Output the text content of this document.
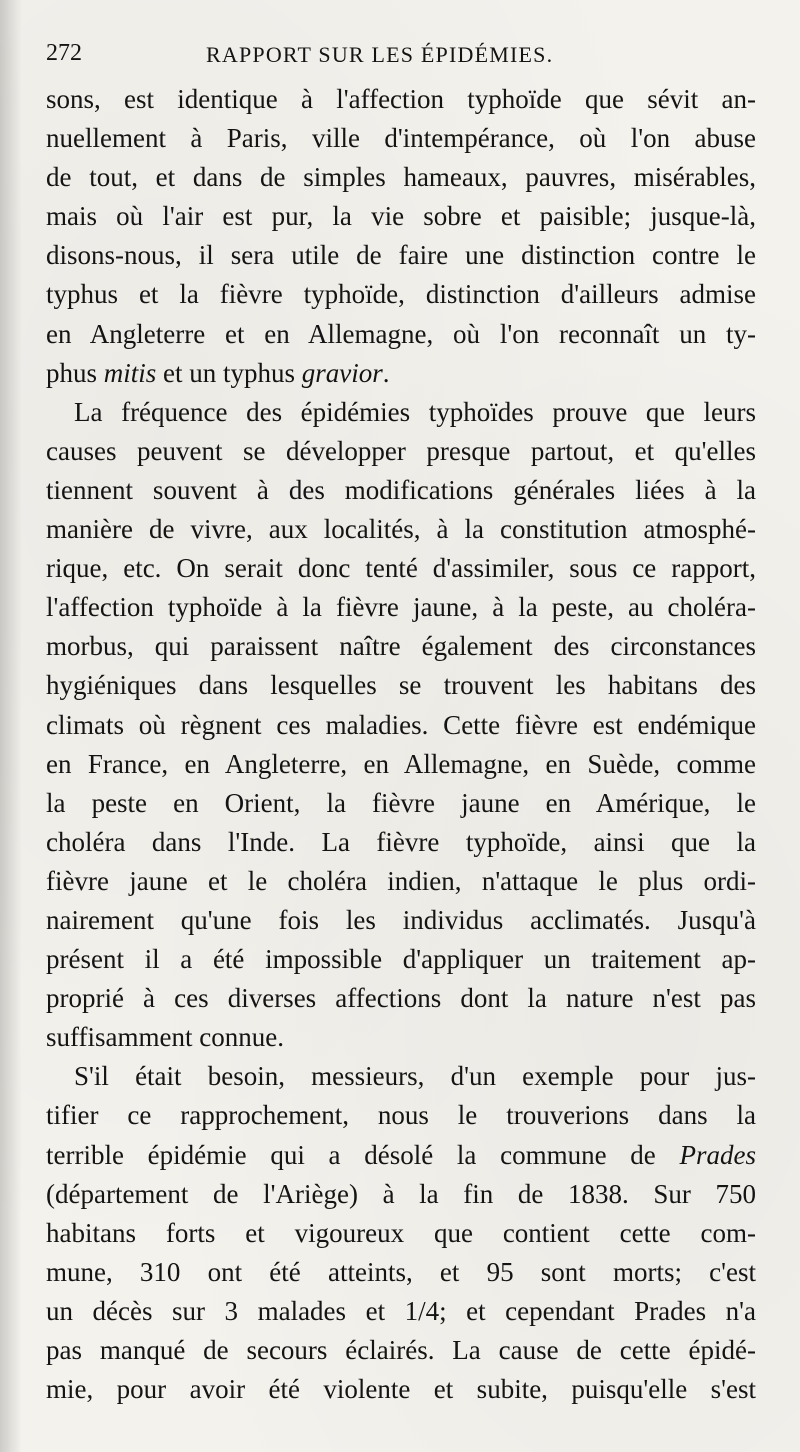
272	RAPPORT SUR LES ÉPIDÉMIES.
sons, est identique à l'affection typhoïde que sévit an-
nuellement à Paris, ville d'intempérance, où l'on abuse
de tout, et dans de simples hameaux, pauvres, misérables,
mais où l'air est pur, la vie sobre et paisible; jusque-là,
disons-nous, il sera utile de faire une distinction contre le
typhus et la fièvre typhoïde, distinction d'ailleurs admise
en Angleterre et en Allemagne, où l'on reconnaît un ty-
phus mitis et un typhus gravior.
La fréquence des épidémies typhoïdes prouve que leurs
causes peuvent se développer presque partout, et qu'elles
tiennent souvent à des modifications générales liées à la
manière de vivre, aux localités, à la constitution atmosphé-
rique, etc. On serait donc tenté d'assimiler, sous ce rapport,
l'affection typhoïde à la fièvre jaune, à la peste, au choléra-
morbus, qui paraissent naître également des circonstances
hygiéniques dans lesquelles se trouvent les habitans des
climats où règnent ces maladies. Cette fièvre est endémique
en France, en Angleterre, en Allemagne, en Suède, comme
la peste en Orient, la fièvre jaune en Amérique, le
choléra dans l'Inde. La fièvre typhoïde, ainsi que la
fièvre jaune et le choléra indien, n'attaque le plus ordi-
nairement qu'une fois les individus acclimatés. Jusqu'à
présent il a été impossible d'appliquer un traitement ap-
proprié à ces diverses affections dont la nature n'est pas
suffisamment connue.
S'il était besoin, messieurs, d'un exemple pour jus-
tifier ce rapprochement, nous le trouverions dans la
terrible épidémie qui a désolé la commune de Prades
(département de l'Ariège) à la fin de 1838. Sur 750
habitans forts et vigoureux que contient cette com-
mune, 310 ont été atteints, et 95 sont morts; c'est
un décès sur 3 malades et 1/4; et cependant Prades n'a
pas manqué de secours éclairés. La cause de cette épidé-
mie, pour avoir été violente et subite, puisqu'elle s'est
